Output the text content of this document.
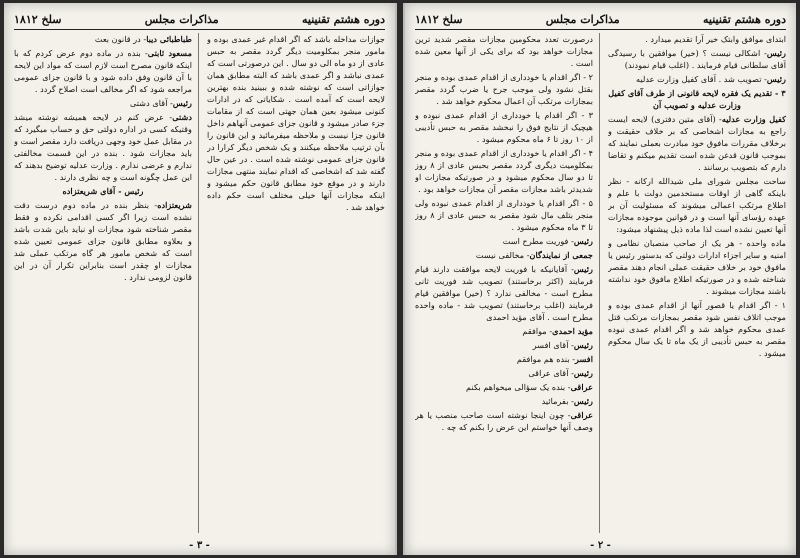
دوره هشتم تقنینیه
مذاکرات مجلس
سلخ ۱۸۱۲

جوازات مداخله باشد که اگر اقدام غیر عمدی بوده و مامور منجر بمکلومیت دیگر گردد مقصر به حبس عادی از دو ماه الی دو سال . این درصورتی است که عمدی نباشد و اگر عمدی باشد که البته مطابق همان جوازاتی است که نوشته شده و ببینید بنده بهترین لایحه است که آمده است . شکایاتی که در ادارات کنونی میشود بعین همان جهتی است که از مقامات جزء صادر میشود و قانون جزای عمومی آنهاهم داخل قانون جزا نیست و ملاحظه میفرمائید و این قانون را بآن ترتیب ملاحظه میکنند و یک شخص دیگر کرارا در قانون جزای عمومی نوشته شده است . در عین حال گفته شد که اشخاصی که اقدام نمایند منتهی مجازات دارند و در موقع خود مطابق قانون حکم میشود و اینکه مجازات آنها خیلی مختلف است حکم داده خواهد شد .

طباطبائی دیبا- در قانون بعث

مسعود ثابتی- بنده در ماده دوم عرض کردم که با اینکه قانون مصرح است لازم است که مواد این لایحه با آن قانون وفق داده شود و با قانون جزای عمومی مراجعه شود که اگر مخالف است اصلاح گردد .

رئیس- آقای دشتی

دشتی- عرض کنم در لایحه همیشه نوشته میشد وقتیکه کسی در اداره دولتی حق و حساب میگیرد که در مقابل عمل خود وجهی دریافت دارد مقصر است و باید مجازات شود . بنده در این قسمت مخالفتی ندارم و عرضی ندارم . وزارت عدلیه توضیح بدهند که این عمل چگونه است و چه نظری دارند .

رئیس - آقای شریعتزاده

شریعتزاده- بنظر بنده در ماده دوم درست دقت نشده است زیرا اگر کسی اقدامی نکرده و فقط مقصر شناخته شود مجازات او نباید باین شدت باشد و بعلاوه مطابق قانون جزای عمومی تعیین شده است که شخص مامور هر گاه مرتکب عملی شد مجازات او چقدر است بنابراین تکرار آن در این قانون لزومی ندارد .

- ۳ -
دوره هشتم تقنینیه
مذاکرات مجلس
سلخ ۱۸۱۲

ابتدای موافق وابتک خیر آرا تقدیم میدارد .

رئیس- اشکالی نیست ؟ (خیر) موافقین با رسیدگی آقای سلطانی قیام فرمایند . (اغلب قیام نمودند)

رئیس- تصویب شد . آقای کفیل وزارت عدلیه

۳ - تقدیم یک فقره لایحه قانونی از طرف آقای کفیل وزارت عدلیه و تصویب آن

کفیل وزارت عدلیه- (آقای متین دفتری) لایحه ایست راجع به مجازات اشخاصی که بر خلاف حقیقت و برخلاف مقررات مافوق خود مبادرت بعملی نمایند که بموجب قانون قدغن شده است تقدیم میکنم و تقاضا دارم که بتصویب برسانند .

ساحت مجلس شورای ملی شیدالله ارکانه - نظر باینکه گاهی از اوقات مستخدمین دولت با علم و اطلاع مرتکب اعمالی میشوند که مسئولیت آن بر عهده رؤسای آنها است و در قوانین موجوده مجازات آنها تعیین نشده است لذا ماده ذیل پیشنهاد میشود:

ماده واحده - هر یک از صاحب منصبان نظامی و امنیه و سایر اجزاء ادارات دولتی که بدستور رئیس یا مافوق خود بر خلاف حقیقت عملی انجام دهند مقصر شناخته شده و در صورتیکه اطلاع مافوق خود نداشته باشند مجازات میشوند .

۱ - اگر اقدام یا قصور آنها از اقدام عمدی بوده و موجب اتلاف نفس شود مقصر بمجازات مرتکب قتل عمدی محکوم خواهد شد و اگر اقدام عمدی نبوده مقصر به حبس تأدیبی از یک ماه تا یک سال محکوم میشود .

درصورت تعدد محکومین مجازات مقصر شدید ترین مجازات خواهد بود که برای یکی از آنها معین شده است .

۲ - اگر اقدام یا خودداری از اقدام عمدی بوده و منجر بقتل نشود ولی موجب جرح یا ضرب گردد مقصر بمجازات مرتکب آن اعمال محکوم خواهد شد .

۳ - اگر اقدام یا خودداری از اقدام عمدی نبوده و هیچیک از نتایج فوق را نبخشد مقصر به حبس تأدیبی از ۱۰ روز تا ۶ ماه محکوم میشود .

۴ - اگر اقدام یا خودداری از اقدام عمدی بوده و منجر بمکلومیت دیگری گردد مقصر بحبس عادی از ۸ روز تا دو سال محکوم میشود و در صورتیکه مجازات او شدیدتر باشد مجازات مقصر آن مجازات خواهد بود .

۵ - اگر اقدام یا خودداری از اقدام عمدی نبوده ولی منجر بتلف مال شود مقصر به حبس عادی از ۸ روز تا ۳ ماه محکوم میشود .

رئیس- فوریت مطرح است

جمعی از نمایندگان- مخالفی نیست

رئیس- آقایانیکه با فوریت لایحه موافقت دارند قیام فرمایند (اکثر برخاستند) تصویب شد فوریت ثانی مطرح است - مخالفی ندارد ؟ (خیر) موافقین قیام فرمایند (اغلب برخاستند) تصویب شد - ماده واحده مطرح است . آقای مؤید احمدی

مؤید احمدی- موافقم

رئیس- آقای افسر

افسر- بنده هم موافقم

رئیس- آقای عراقی

عراقی- بنده یک سؤالی میخواهم بکنم

رئیس- بفرمائید

عراقی- چون اینجا نوشته است صاحب منصب یا هر وصف آنها خواستم این عرض را بکنم که چه .

- ۲ -
